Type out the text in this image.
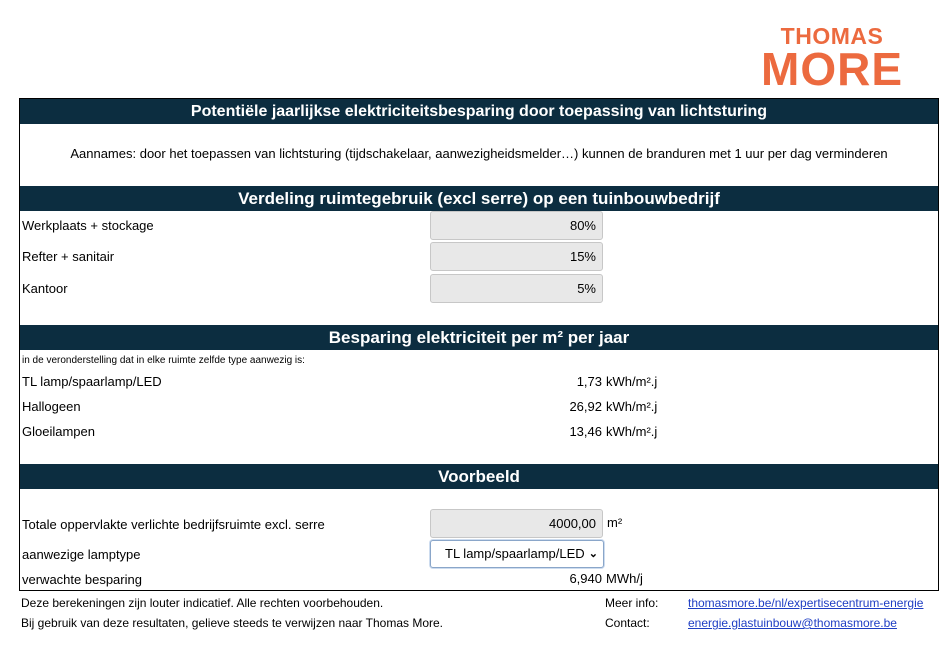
THOMAS
MORE
Potentiële jaarlijkse elektriciteitsbesparing door toepassing van lichtsturing
Aannames: door het toepassen van lichtsturing (tijdschakelaar, aanwezigheidsmelder…) kunnen de branduren met 1 uur per dag verminderen
Verdeling ruimtegebruik (excl serre) op een tuinbouwbedrijf
Werkplaats + stockage	80%
Refter + sanitair	15%
Kantoor	5%
Besparing elektriciteit per m² per jaar
in de veronderstelling dat in elke ruimte zelfde type aanwezig is:
TL lamp/spaarlamp/LED	1,73 kWh/m².j
Hallogeen	26,92 kWh/m².j
Gloeilampen	13,46 kWh/m².j
Voorbeeld
Totale oppervlakte verlichte bedrijfsruimte excl. serre	4000,00 m²
aanwezige lamptype	TL lamp/spaarlamp/LED ⌄
verwachte besparing	6,940 MWh/j
Deze berekeningen zijn louter indicatief. Alle rechten voorbehouden.
Bij gebruik van deze resultaten, gelieve steeds te verwijzen naar Thomas More.
Meer info: thomasmore.be/nl/expertisecentrum-energie
Contact:	energie.glastuinbouw@thomasmore.be
